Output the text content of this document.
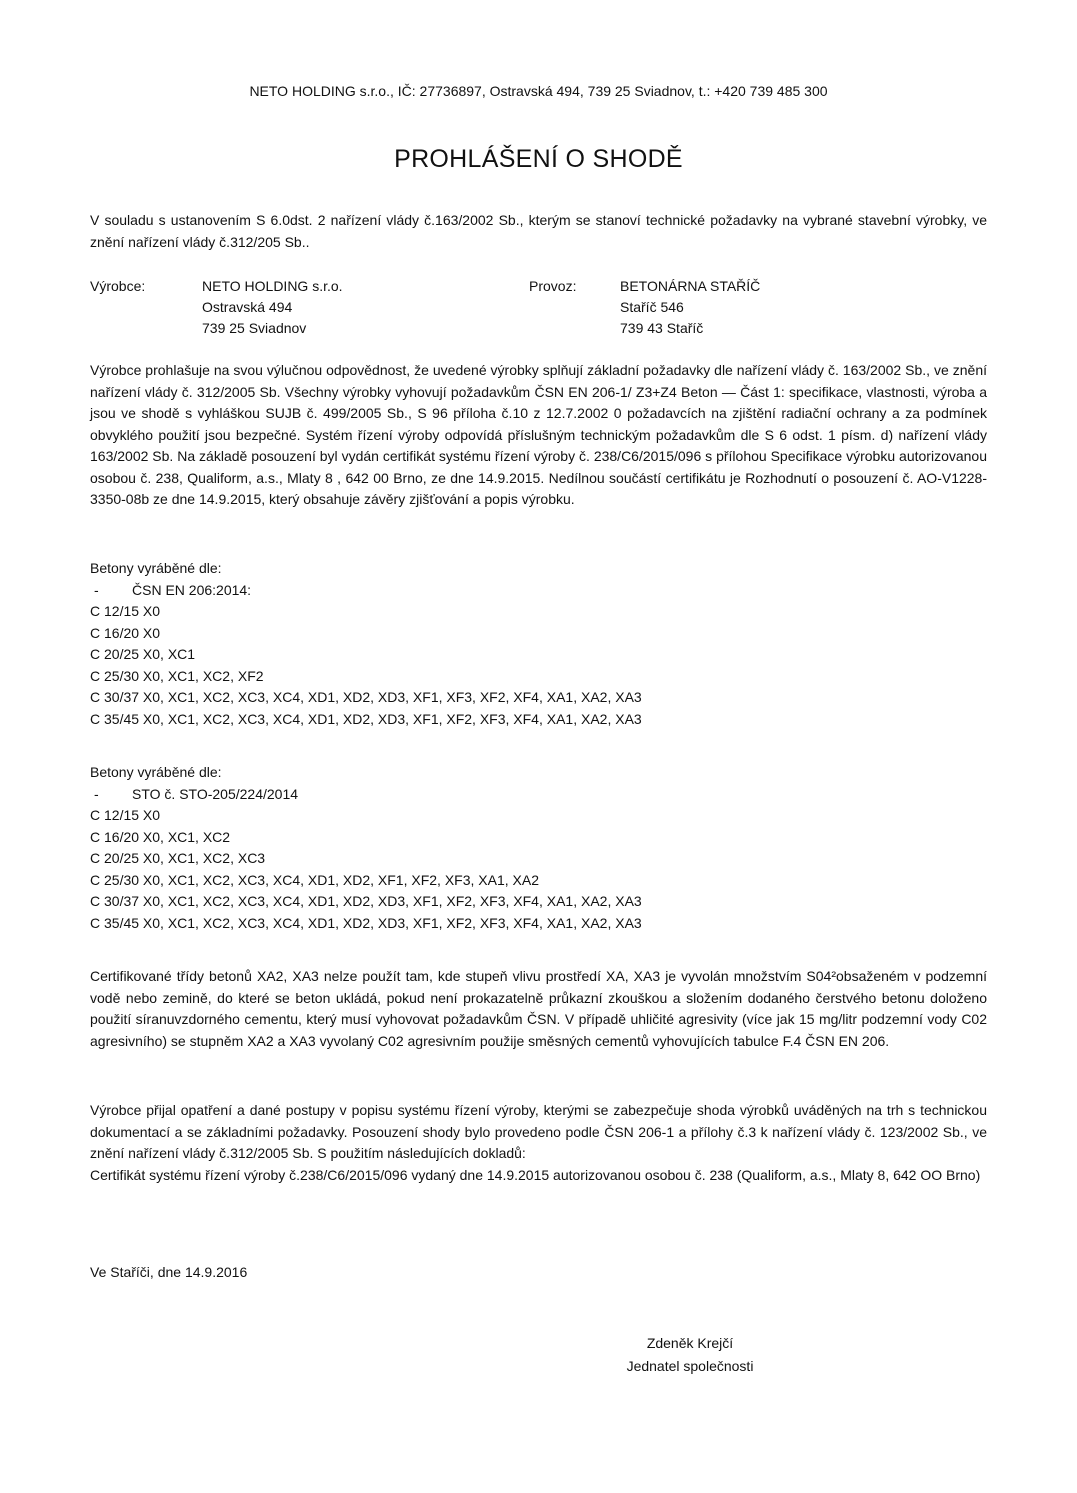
NETO HOLDING s.r.o., IČ: 27736897, Ostravská 494, 739 25 Sviadnov, t.: +420 739 485 300
PROHLÁŠENÍ O SHODĚ

V souladu s ustanovením S 6.0dst. 2 nařízení vlády č.163/2002 Sb., kterým se stanoví technické požadavky na vybrané stavební výrobky, ve znění nařízení vlády č.312/205 Sb..

Výrobce:	NETO HOLDING s.r.o.
Ostravská 494
739 25 Sviadnov
Provoz:	BETONÁRNA STAŘÍČ
Staříč 546
739 43 Staříč

Výrobce prohlašuje na svou výlučnou odpovědnost, že uvedené výrobky splňují základní požadavky dle nařízení vlády č. 163/2002 Sb., ve znění nařízení vlády č. 312/2005 Sb. Všechny výrobky vyhovují požadavkům ČSN EN 206-1/ Z3+Z4 Beton — Část 1: specifikace, vlastnosti, výroba a jsou ve shodě s vyhláškou SUJB č. 499/2005 Sb., S 96 příloha č.10 z 12.7.2002 0 požadavcích na zjištění radiační ochrany a za podmínek obvyklého použití jsou bezpečné. Systém řízení výroby odpovídá příslušným technickým požadavkům dle S 6 odst. 1 písm. d) nařízení vlády 163/2002 Sb. Na základě posouzení byl vydán certifikát systému řízení výroby č. 238/C6/2015/096 s přílohou Specifikace výrobku autorizovanou osobou č. 238, Qualiform, a.s., Mlaty 8 , 642 00 Brno, ze dne 14.9.2015. Nedílnou součástí certifikátu je Rozhodnutí o posouzení č. AO-V1228-3350-08b ze dne 14.9.2015, který obsahuje závěry zjišťování a popis výrobku.

Betony vyráběné dle:
- ČSN EN 206:2014:
C 12/15 X0
C 16/20 X0
C 20/25 X0, XC1
C 25/30 X0, XC1, XC2, XF2
C 30/37 X0, XC1, XC2, XC3, XC4, XD1, XD2, XD3, XF1, XF3, XF2, XF4, XA1, XA2, XA3
C 35/45 X0, XC1, XC2, XC3, XC4, XD1, XD2, XD3, XF1, XF2, XF3, XF4, XA1, XA2, XA3
Betony vyráběné dle:
- STO č. STO-205/224/2014
C 12/15 X0
C 16/20 X0, XC1, XC2
C 20/25 X0, XC1, XC2, XC3
C 25/30 X0, XC1, XC2, XC3, XC4, XD1, XD2, XF1, XF2, XF3, XA1, XA2
C 30/37 X0, XC1, XC2, XC3, XC4, XD1, XD2, XD3, XF1, XF2, XF3, XF4, XA1, XA2, XA3
C 35/45 X0, XC1, XC2, XC3, XC4, XD1, XD2, XD3, XF1, XF2, XF3, XF4, XA1, XA2, XA3

Certifikované třídy betonů XA2, XA3 nelze použít tam, kde stupeň vlivu prostředí XA, XA3 je vyvolán množstvím S04²obsaženém v podzemní vodě nebo zemině, do které se beton ukládá, pokud není prokazatelně průkazní zkouškou a složením dodaného čerstvého betonu doloženo použití síranuvzdorného cementu, který musí vyhovovat požadavkům ČSN. V případě uhličité agresivity (více jak 15 mg/litr podzemní vody C02 agresivního) se stupněm XA2 a XA3 vyvolaný C02 agresivním použije směsných cementů vyhovujících tabulce F.4 ČSN EN 206.

Výrobce přijal opatření a dané postupy v popisu systému řízení výroby, kterými se zabezpečuje shoda výrobků uváděných na trh s technickou dokumentací a se základními požadavky. Posouzení shody bylo provedeno podle ČSN 206-1 a přílohy č.3 k nařízení vlády č. 123/2002 Sb., ve znění nařízení vlády č.312/2005 Sb. S použitím následujících dokladů:

Certifikát systému řízení výroby č.238/C6/2015/096 vydaný dne 14.9.2015 autorizovanou osobou č. 238 (Qualiform, a.s., Mlaty 8, 642 OO Brno)

Ve Staříči, dne 14.9.2016

Zdeněk Krejčí
Jednatel společnosti
